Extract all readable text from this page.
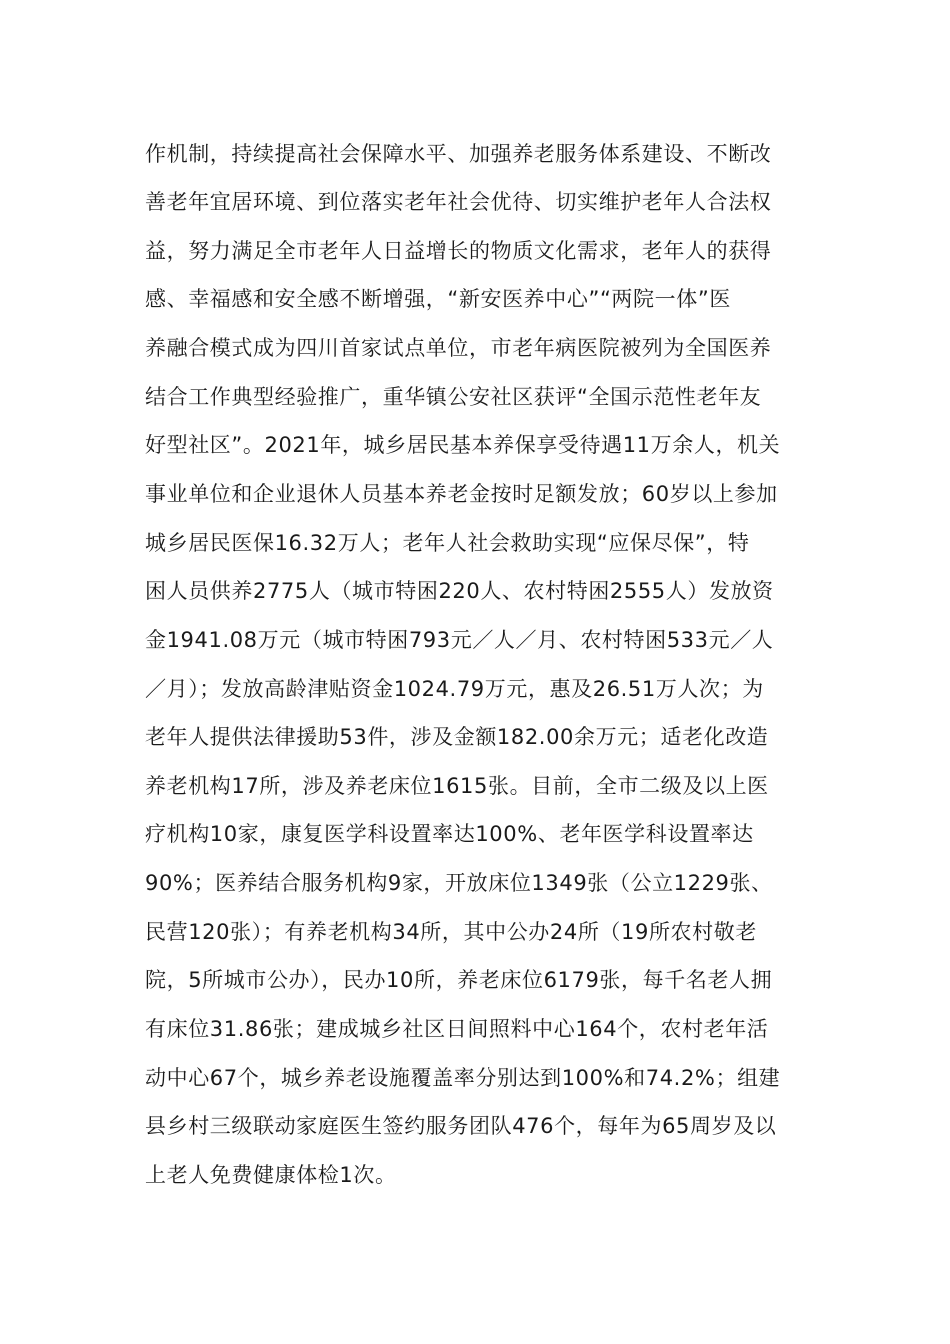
作机制，持续提高社会保障水平、加强养老服务体系建设、不断改
善老年宜居环境、到位落实老年社会优待、切实维护老年人合法权
益，努力满足全市老年人日益增长的物质文化需求，老年人的获得
感、幸福感和安全感不断增强，“新安医养中心”“两院一体”医
养融合模式成为四川首家试点单位，市老年病医院被列为全国医养
结合工作典型经验推广，重华镇公安社区获评“全国示范性老年友
好型社区”。2021年，城乡居民基本养保享受待遇11万余人，机关
事业单位和企业退休人员基本养老金按时足额发放；60岁以上参加
城乡居民医保16.32万人；老年人社会救助实现“应保尽保”，特
困人员供养2775人（城市特困220人、农村特困2555人）发放资
金1941.08万元（城市特困793元／人／月、农村特困533元／人
／月）；发放高龄津贴资金1024.79万元，惠及26.51万人次；为
老年人提供法律援助53件，涉及金额182.00余万元；适老化改造
养老机构17所，涉及养老床位1615张。目前，全市二级及以上医
疗机构10家，康复医学科设置率达100%、老年医学科设置率达
90%；医养结合服务机构9家，开放床位1349张（公立1229张、
民营120张）；有养老机构34所，其中公办24所（19所农村敬老
院，5所城市公办），民办10所，养老床位6179张，每千名老人拥
有床位31.86张；建成城乡社区日间照料中心164个，农村老年活
动中心67个，城乡养老设施覆盖率分别达到100%和74.2%；组建
县乡村三级联动家庭医生签约服务团队476个，每年为65周岁及以
上老人免费健康体检1次。
